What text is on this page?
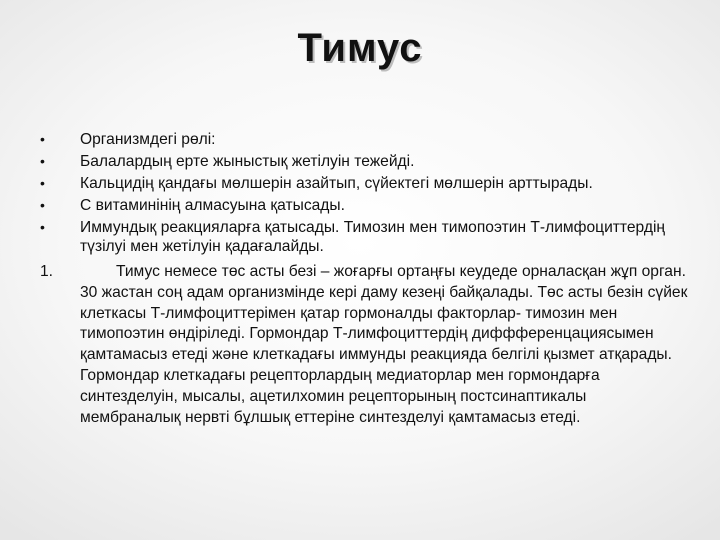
Тимус
•	Организмдегі рөлі:
•	Балалардың ерте жыныстық жетілуін тежейді.
•	Кальцидің қандағы мөлшерін азайтып, сүйектегі мөлшерін арттырады.
•	С витаминінің алмасуына қатысады.
•	Иммундық реакцияларға қатысады. Тимозин мен тимопоэтин Т-лимфоциттердің түзілуі мен жетілуін қадағалайды.
1.	Тимус немесе төс асты безі – жоғарғы ортаңғы кеудеде орналасқан жұп орган. 30 жастан соң адам организмінде кері даму кезеңі байқалады. Төс асты безін сүйек клеткасы Т-лимфоциттерімен қатар гормоналды факторлар- тимозин мен тимопоэтин өндіріледі. Гормондар Т-лимфоциттердің диффференцациясымен қамтамасыз етеді және клеткадағы иммунды реакцияда белгілі қызмет атқарады. Гормондар клеткадағы рецепторлардың медиаторлар мен гормондарға синтезделуін, мысалы, ацетилхомин рецепторының постсинаптикалы мембраналық нервті бұлшық еттеріне синтезделуі қамтамасыз етеді.
